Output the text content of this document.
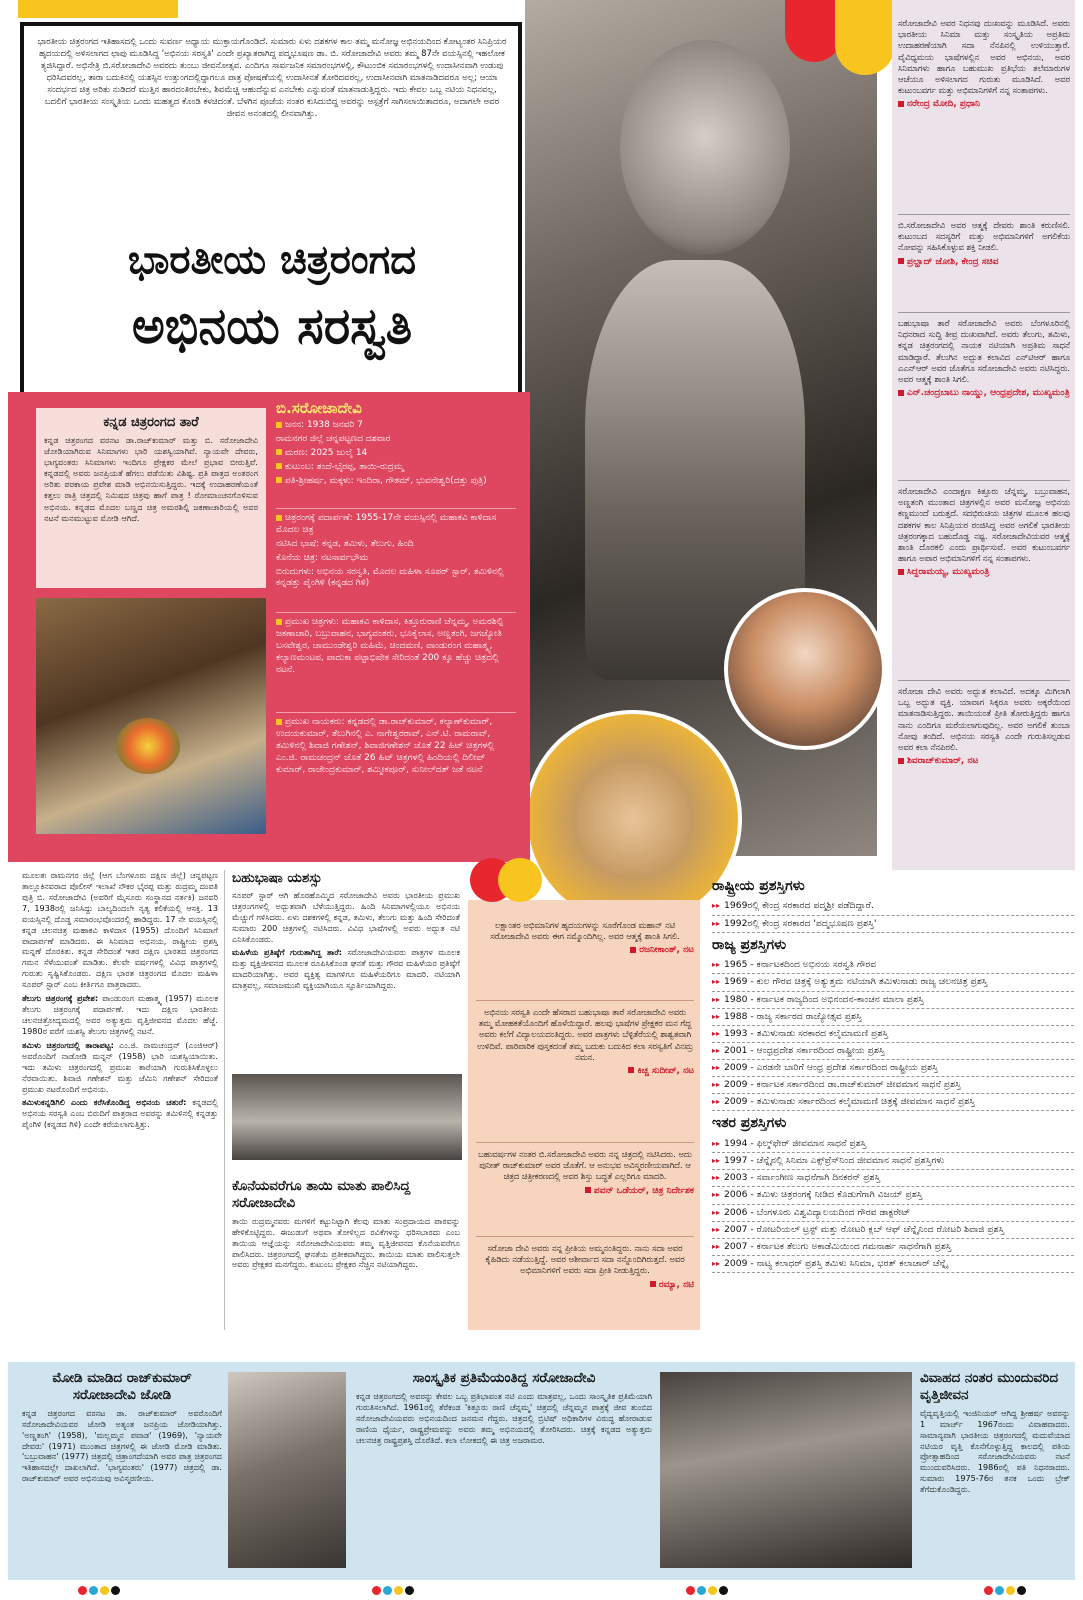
ಭಾರತೀಯ ಚಿತ್ರರಂಗದ ಇತಿಹಾಸದಲ್ಲಿ ಒಂದು ಸುವರ್ಣ ಅಧ್ಯಾಯ ಮುಕ್ತಾಯಗೊಂಡಿದೆ. ಸುಮಾರು ಏಳು ದಶಕಗಳ ಕಾಲ ತಮ್ಮ ಮನೋಜ್ಞ ಅಭಿನಯದಿಂದ ಕೋಟ್ಯಂತರ ಸಿನಿಪ್ರಿಯರ ಹೃದಯದಲ್ಲಿ ಅಳಿಸಲಾಗದ ಛಾಪು ಮೂಡಿಸಿದ್ದ 'ಅಭಿನಯ ಸರಸ್ವತಿ' ಎಂದೇ ಪ್ರಖ್ಯಾತರಾಗಿದ್ದ ಪದ್ಮಭೂಷಣ ಡಾ. ಬಿ. ಸರೋಜಾದೇವಿ ಅವರು ತಮ್ಮ 87ನೇ ವಯಸ್ಸಿನಲ್ಲಿ ಇಹಲೋಕ ತ್ಯಜಿಸಿದ್ದಾರೆ. ಅಭಿನೇತ್ರಿ ಬಿ.ಸರೋಜಾದೇವಿ ಅವರದು ತುಂಬು ಜೀವನೋತ್ಸವ. ಎಂದಿಗೂ ಸಾರ್ವಜನಿಕ ಸಮಾರಂಭಗಳಲ್ಲಿ, ಕೌಟುಂಬಿಕ ಸಮಾರಂಭಗಳಲ್ಲಿ ಉದಾಸೀನವಾಗಿ ಉಡುಪು ಧರಿಸಿದವರಲ್ಲ, ತಾರಾ ಬದುಕಿನಲ್ಲಿ ಯಶಸ್ಸಿನ ಉತ್ತುಂಗದಲ್ಲಿದ್ದಾಗಲೂ ಪಾತ್ರ ಪೋಷಣೆಯಲ್ಲಿ ಉದಾಸೀನತೆ ತೋರಿದವರಲ್ಲ, ಉದಾಸೀನವಾಗಿ ಮಾತನಾಡಿದವರೂ ಅಲ್ಲ; ಆಯಾ ಸಂದರ್ಭದ ಚಿತ್ರ ಅರಿತು ನುಡಿದರೆ ಮುತ್ತಿನ ಹಾರದಂತಿರಬೇಕು, ಶಿವಮೆಚ್ಚಿ ಆಹುದೆನ್ನುವ ಎನಬೇಕು ಎನ್ನುವಂತೆ ಮಾತನಾಡುತ್ತಿದ್ದರು. ಇದು ಕೇವಲ ಒಬ್ಬ ನಟಿಯ ನಿಧನವಲ್ಲ, ಬದಲಿಗೆ ಭಾರತೀಯ ಸಂಸ್ಕೃತಿಯ ಒಂದು ಮಹತ್ವದ ಕೊಂಡಿ ಕಳಚಿದಂತೆ. ಬೆಳಗಿನ ಪೂಜೆಯ ನಂತರ ಕುಸಿದುಬಿದ್ದ ಅವರನ್ನು ಆಸ್ಪತ್ರೆಗೆ ಸಾಗಿಸಲಾಯಿತಾದರೂ, ಅದಾಗಲೇ ಅವರ ಜೀವನ ಅನಂತದಲ್ಲಿ ಲೀನವಾಗಿತ್ತು.

ಭಾರತೀಯ ಚಿತ್ರರಂಗದ
ಅಭಿನಯ ಸರಸ್ವತಿ
ಸರೋಜಾದೇವಿ ಅವರ ನಿಧನವು ದುಃಖವನ್ನು ಮೂಡಿಸಿದೆ. ಅವರು ಭಾರತೀಯ ಸಿನಿಮಾ ಮತ್ತು ಸಂಸ್ಕೃತಿಯ ಅಪ್ರತಿಮ ಉದಾಹರಣೆಯಾಗಿ ಸದಾ ನೆನಪಿನಲ್ಲಿ ಉಳಿಯುತ್ತಾರೆ. ವೈವಿಧ್ಯಮಯ ಭಾಷೆಗಳಲ್ಲಿನ ಅವರ ಅಭಿನಯ, ಅವರ ಸಿನಿಮಾಗಳು ಹಾಗೂ ಬಹುಮುಖ ಪ್ರತಿಭೆಯ ತಲೆಮಾರುಗಳ ಆಚೆಯೂ ಅಳಿಸಲಾಗದ ಗುರುತು ಮೂಡಿಸಿದೆ. ಅವರ ಕುಟುಂಬವರ್ಗ ಮತ್ತು ಅಭಿಮಾನಿಗಳಿಗೆ ನನ್ನ ಸಂತಾಪಗಳು.
ನರೇಂದ್ರ ಮೋದಿ, ಪ್ರಧಾನಿ
ಬಿ.ಸರೋಜಾದೇವಿ ಅವರ ಆತ್ಮಕ್ಕೆ ದೇವರು ಶಾಂತಿ ಕರುಣಿಸಲಿ. ಕುಟುಂಬದ ಸದಸ್ಯರಿಗೆ ಮತ್ತು ಅಭಿಮಾನಿಗಳಿಗೆ ಅಗಲಿಕೆಯ ನೋವನ್ನು ಸಹಿಸಿಕೊಳ್ಳುವ ಶಕ್ತಿ ನೀಡಲಿ.
ಪ್ರಲ್ಹಾದ್ ಜೋಶಿ, ಕೇಂದ್ರ ಸಚಿವ
ಬಹುಭಾಷಾ ತಾರೆ ಸರೋಜಾದೇವಿ ಅವರು ಬೆಂಗಳೂರಿನಲ್ಲಿ ನಿಧನರಾದ ಸುದ್ದಿ ತೀವ್ರ ದುಃಖವಾಗಿದೆ. ಅವರು ತೆಲುಗು, ತಮಿಳು, ಕನ್ನಡ ಚಿತ್ರರಂಗದಲ್ಲಿ ನಾಯಕ ನಟಿಯಾಗಿ ಅಪ್ರತಿಮ ಸಾಧನೆ ಮಾಡಿದ್ದಾರೆ. ತೆಲುಗಿನ ಅದ್ಭುತ ಕಲಾವಿದ ಎನ್‌ಟಿಆರ್ ಹಾಗೂ ಎಎನ್‌ಆರ್ ಅವರ ಜೊತೆಗೂ ಸರೋಜಾದೇವಿ ಅವರು ನಟಿಸಿದ್ದರು. ಅವರ ಆತ್ಮಕ್ಕೆ ಶಾಂತಿ ಸಿಗಲಿ.
ಎನ್.ಚಂದ್ರಬಾಬು ನಾಯ್ಡು, ಆಂಧ್ರಪ್ರದೇಶ, ಮುಖ್ಯಮಂತ್ರಿ
ಸರೋಜಾದೇವಿ ಎಂದಾಕ್ಷಣ ಕಿತ್ತೂರು ಚೆನ್ನಮ್ಮ, ಬಬ್ರುವಾಹನ, ಅಣ್ಣತಂಗಿ ಮುಂತಾದ ಚಿತ್ರಗಳಲ್ಲಿನ ಅವರ ಮನೋಜ್ಞ ಅಭಿನಯ ಕಣ್ಣಮುಂದೆ ಬರುತ್ತದೆ. ಸದಭಿರುಚಿಯ ಚಿತ್ರಗಳ ಮೂಲಕ ಹಲವು ದಶಕಗಳ ಕಾಲ ಸಿನಿಪ್ರಿಯರ ರಂಜಿಸಿದ್ದ ಅವರ ಅಗಲಿಕೆ ಭಾರತೀಯ ಚಿತ್ರರಂಗಕ್ಕಾದ ಬಹುದೊಡ್ಡ ನಷ್ಟ. ಸರೋಜಾದೇವಿಯವರ ಆತ್ಮಕ್ಕೆ ಶಾಂತಿ ದೊರಕಲಿ ಎಂದು ಪ್ರಾರ್ಥಿಸುವೆ. ಅವರ ಕುಟುಂಬವರ್ಗ ಹಾಗೂ ಅಪಾರ ಅಭಿಮಾನಿಗಳಿಗೆ ನನ್ನ ಸಂತಾಪಗಳು.
ಸಿದ್ದರಾಮಯ್ಯ, ಮುಖ್ಯಮಂತ್ರಿ
ಸರೋಜಾ ದೇವಿ ಅವರು ಅದ್ಭುತ ಕಲಾವಿದೆ. ಅದಕ್ಕೂ ಮಿಗಿಲಾಗಿ ಒಬ್ಬ ಅದ್ಭುತ ವ್ಯಕ್ತಿ. ಯಾವಾಗ ಸಿಕ್ಕರೂ ಅವರು ಅಕ್ಕರೆಯಿಂದ ಮಾತನಾಡಿಸುತ್ತಿದ್ದರು. ತಾಯಿಯಂತೆ ಪ್ರೀತಿ ತೋರುತ್ತಿದ್ದರು ಹಾಗೂ ನಾನು ಎಂದಿಗೂ ಮರೆಯಲಾಗುವುದಿಲ್ಲ. ಅವರ ಅಗಲಿಕೆ ತುಂಬಾ ನೋವು ತಂದಿದೆ. ಅಭಿನಯ ಸರಸ್ವತಿ ಎಂದೇ ಗುರುತಿಸಲ್ಪಡುವ ಅವರ ಕಲಾ ನೆನಪಿರಲಿ.
ಶಿವರಾಜ್‌ಕುಮಾರ್, ನಟ
ಕನ್ನಡ ಚಿತ್ರರಂಗದ ತಾರೆ
ಕನ್ನಡ ಚಿತ್ರರಂಗದ ವರನಟ ಡಾ.ರಾಜ್‌ಕುಮಾರ್ ಮತ್ತು ಬಿ. ಸರೋಜಾದೇವಿ ಜೋಡಿಯಾಗಿರುವ ಸಿನಿಮಾಗಳು ಭಾರಿ ಯಶಸ್ವಿಯಾಗಿವೆ. ನ್ಯಾಯವೇ ದೇವರು, ಭಾಗ್ಯವಂತರು ಸಿನಿಮಾಗಳು ಇಂದಿಗೂ ಪ್ರೇಕ್ಷಕರ ಮೇಲೆ ಪ್ರಭಾವ ಬೀರುತ್ತಿವೆ. ಕನ್ನಡದಲ್ಲಿ ಅವರು ಜನಪ್ರಿಯತೆ ಹೆಗಲು ಪಡೆಯಿತು ವಿಶಿಷ್ಟ. ಪ್ರತಿ ಪಾತ್ರದ ಅಂತರಂಗ ಅರಿತು ಪರಕಾಯ ಪ್ರವೇಶ ಮಾಡಿ ಅಭಿನಯಿಸುತ್ತಿದ್ದರು. ಇದಕ್ಕೆ ಉದಾಹರಣೆಯಂತೆ ಕತ್ತಲು ರಾತ್ರಿ ಚಿತ್ರದಲ್ಲಿ ನಿಮಿಷದ ಚಿತ್ರವು ಹಾಗೆ ಪಾತ್ರ ! ರೋಮಾಂಚನಗೊಳಿಸುವ ಅಭಿನಯ. ಕನ್ನಡದ ಮೊದಲ ಬಣ್ಣದ ಚಿತ್ರ ಅಮರಶಿಲ್ಪಿ ಜಕಣಾಚಾರಿಯಲ್ಲಿ ಅವರ ನಟನೆ ಮನಮುಟ್ಟುವ ಮೋಡಿ ಆಗಿದೆ.
ಬಿ.ಸರೋಜಾದೇವಿ
ಜನನ: 1938 ಜನವರಿ 7
ರಾಮನಗರ ಜಿಲ್ಲೆ ಚನ್ನಪಟ್ಟಣದ ದಶವಾರ
ಮರಣ: 2025 ಜುಲೈ 14
ಕುಟುಂಬ: ತಂದೆ-ಭೈರಪ್ಪ, ತಾಯಿ-ರುದ್ರಮ್ಮ
ಪತಿ-ಶ್ರೀಹರ್ಷ, ಮಕ್ಕಳು: ಇಂದಿರಾ, ಗೌತಮ್, ಭುವನೇಶ್ವರಿ(ದತ್ತು ಪುತ್ರಿ)
ಚಿತ್ರರಂಗಕ್ಕೆ ಪದಾರ್ಪಣೆ: 1955-17ನೇ ವಯಸ್ಸಿನಲ್ಲಿ ಮಹಾಕವಿ ಕಾಳಿದಾಸ ಮೊದಲ ಚಿತ್ರ
ನಟಿಸಿದ ಭಾಷೆ: ಕನ್ನಡ, ತಮಿಳು, ತೆಲುಗು, ಹಿಂದಿ
ಕೊನೆಯ ಚಿತ್ರ: ನಟಸಾರ್ವಭೌಮ
ಬಿರುದುಗಳು: ಅಭಿನಯ ಸರಸ್ವತಿ, ಮೊದಲ ಮಹಿಳಾ ಸೂಪರ್ ಸ್ಟಾರ್, ತಮಿಳಿನಲ್ಲಿ ಕನ್ನಡತ್ತು ಪೈಂಗಿಳಿ (ಕನ್ನಡದ ಗಿಳಿ)
ಪ್ರಮುಖ ಚಿತ್ರಗಳು: ಮಹಾಕವಿ ಕಾಳಿದಾಸ, ಕಿತ್ತೂರುರಾಣಿ ಚೆನ್ನಮ್ಮ, ಅಮರಶಿಲ್ಪಿ ಜಕಣಾಚಾರಿ, ಬಬ್ರುವಾಹನ, ಭಾಗ್ಯವಂತರು, ಭೂಕೈಲಾಸ, ಅಣ್ಣತಂಗಿ, ಜಗಜ್ಯೋತಿ ಬಸವೇಶ್ವರ, ಚಾಮುಂಡೇಶ್ವರಿ ಮಹಿಮೆ, ಚಿಂದಮಣಿ, ಪಾಂಡುರಂಗ ಮಹಾತ್ಮ್ಯ, ಕಲ್ಯಾಣಮಂಟಪ, ಪಾದುಕಾ ಪಟ್ಟಾಭಿಷೇಕ ಸೇರಿದಂತೆ 200 ಕ್ಕೂ ಹೆಚ್ಚು ಚಿತ್ರದಲ್ಲಿ ನಟನೆ.
ಪ್ರಮುಖ ನಾಯಕರು: ಕನ್ನಡದಲ್ಲಿ ಡಾ.ರಾಜ್‌ಕುಮಾರ್, ಕಲ್ಯಾಣ್‌ಕುಮಾರ್, ಉದಯಕುಮಾರ್, ತೆಲುಗಿನಲ್ಲಿ ಎ. ನಾಗೇಶ್ವರರಾವ್, ಎನ್.ಟಿ. ರಾಮರಾವ್, ತಮಿಳಿನಲ್ಲಿ ಶಿವಾಜಿ ಗಣೇಶನ್, ಶಿವಾಜಿಗಣೇಶನ್ ಜೊತೆ 22 ಹಿಟ್ ಚಿತ್ರಗಳಲ್ಲಿ ಎಂ.ಜಿ. ರಾಮಚಂದ್ರನ್ ಜೊತೆ 26 ಹಿಟ್ ಚಿತ್ರಗಳಲ್ಲಿ ಹಿಂದಿಯಲ್ಲಿ ದಿಲೀಪ್ ಕುಮಾರ್, ರಾಜೇಂದ್ರಕುಮಾರ್, ಶಮ್ಮೀಕಪೂರ್, ಸುನೀಲ್‌ದತ್ ಜತೆ ನಟನೆ
ಮೂಲತಃ ರಾಮನಗರ ಜಿಲ್ಲೆ (ಆಗ ಬೆಂಗಳೂರು ದಕ್ಷಿಣ ಜಿಲ್ಲೆ) ಚನ್ನಪಟ್ಟಣ ತಾಲ್ಲೂಕಿನವರಾದ ಪೊಲೀಸ್ ಇಲಾಖೆ ನೌಕರ ಭೈರಪ್ಪ ಮತ್ತು ರುದ್ರಮ್ಮ ದಂಪತಿ ಪುತ್ರಿ ಬಿ. ಸರೋಜಾದೇವಿ (ಅವರಿಗೆ ಮೈಸೂರು ಸಂಸ್ಥಾನದ ನರ್ತಕಿ) ಜನವರಿ 7, 1938ರಲ್ಲಿ ಜನಿಸಿದ್ದು ಬಾಲ್ಯದಿಂದಲೇ ನೃತ್ಯ ಕಲಿಕೆಯಲ್ಲಿ ಆಸಕ್ತಿ. 13 ವಯಸ್ಸಿನಲ್ಲಿ ದೊಡ್ಡ ಸಮಾರಂಭವೊಂದರಲ್ಲಿ ಹಾಡಿದ್ದರು. 17 ನೇ ವಯಸ್ಸಿನಲ್ಲಿ ಕನ್ನಡ ಚಲನಚಿತ್ರ ಮಹಾಕವಿ ಕಾಳಿದಾಸ (1955) ದೊಂದಿಗೆ ಸಿನಿಮಾಗೆ ಪಾದಾರ್ಪಣೆ ಮಾಡಿದರು. ಈ ಸಿನಿಮಾದ ಅಭಿನಯ, ರಾಷ್ಟ್ರೀಯ ಪ್ರಶಸ್ತಿ ಮನ್ನಣೆ ದೊರಕಿತು. ಕನ್ನಡ ಸೇರಿದಂತೆ ಇತರ ದಕ್ಷಿಣ ಭಾರತದ ಚಿತ್ರರಂಗದ ಗಮನ ಸೆಳೆಯುವಂತೆ ಮಾಡಿತು. ಕೆಲವೇ ವರ್ಷಗಳಲ್ಲಿ ವಿವಿಧ ಪಾತ್ರಗಳಲ್ಲಿ ಗುರುತು ಸೃಷ್ಟಿಸಿಕೊಂಡರು. ದಕ್ಷಿಣ ಭಾರತ ಚಿತ್ರರಂಗದ ಮೊದಲ ಮಹಿಳಾ ಸೂಪರ್ ಸ್ಟಾರ್ ಎಂಬ ಕೀರ್ತಿಗೂ ಪಾತ್ರರಾದರು.
ತೆಲುಗು ಚಿತ್ರರಂಗಕ್ಕೆ ಪ್ರವೇಶ: ಪಾಂಡುರಂಗ ಮಹಾತ್ಮ್ಯ (1957) ಮೂಲಕ ತೆಲುಗು ಚಿತ್ರರಂಗಕ್ಕೆ ಪದಾರ್ಪಣೆ. ಇದು ದಕ್ಷಿಣ ಭಾರತೀಯ ಚಲನಚಿತ್ರೋದ್ಯಮದಲ್ಲಿ ಅವರ ಅತ್ಯುತ್ತಮ ವೃತ್ತಿಜೀವನದ ಮೊದಲ ಹೆಜ್ಜೆ. 1980ರ ವರೆಗೆ ಯಶಸ್ವಿ ತೆಲುಗು ಚಿತ್ರಗಳಲ್ಲಿ ನಟನೆ.
ತಮಿಳು ಚಿತ್ರರಂಗದಲ್ಲಿ ತಾರಾಪಟ್ಟ: ಎಂ.ಜಿ. ರಾಮಚಂದ್ರನ್ (ಎಂಜಿಆರ್) ಅವರೊಂದಿಗೆ ನಾಡೋಡಿ ಮನ್ನನ್ (1958) ಭಾರಿ ಯಶಸ್ವಿಯಾಯಿತು. ಇದು ತಮಿಳು ಚಿತ್ರರಂಗದಲ್ಲಿ ಪ್ರಮುಖ ತಾರೆಯಾಗಿ ಗುರುತಿಸಿಕೊಳ್ಳಲು ನೆರವಾಯಿತು. ಶಿವಾಜಿ ಗಣೇಶನ್ ಮತ್ತು ಜೆಮಿನಿ ಗಣೇಶನ್ ಸೇರಿದಂತೆ ಪ್ರಮುಖ ನಟರೊಂದಿಗೆ ಅಭಿನಯ.
ತಮಿಳುಕನ್ನಡಿಗಿಲಿ ಎಂದು ಕರೆಸಿಕೊಂಡಿದ್ದ ಅಭಿನಯ ಚತುರೆ: ಕನ್ನಡದಲ್ಲಿ ಅಭಿನಯ ಸರಸ್ವತಿ ಎಂಬ ಬಿರುದಿಗೆ ಪಾತ್ರರಾದ ಅವರನ್ನು ತಮಿಳಿನಲ್ಲಿ ಕನ್ನಡತ್ತು ಪೈಂಗಿಳಿ (ಕನ್ನಡದ ಗಿಳಿ) ಎಂದೇ ಕರೆಯಲಾಗುತ್ತಿತ್ತು.
ಬಹುಭಾಷಾ ಯಶಸ್ಸು
ಸೂಪರ್ ಸ್ಟಾರ್ ಆಗಿ ಹೊರಹೊಮ್ಮಿದ ಸರೋಜಾದೇವಿ ಅವರು ಭಾರತೀಯ ಪ್ರಮುಖ ಚಿತ್ರರಂಗಗಳಲ್ಲಿ ಅದ್ಭುತವಾಗಿ ಬೆಳೆಯುತ್ತಿದ್ದರು. ಹಿಂದಿ ಸಿನಿಮಾಗಳಲ್ಲಿಯೂ ಅಭಿನಯ ಮೆಚ್ಚುಗೆ ಗಳಿಸಿದರು. ಏಳು ದಶಕಗಳಲ್ಲಿ ಕನ್ನಡ, ತಮಿಳು, ತೆಲುಗು ಮತ್ತು ಹಿಂದಿ ಸೇರಿದಂತೆ ಸುಮಾರು 200 ಚಿತ್ರಗಳಲ್ಲಿ ನಟಿಸಿದರು. ವಿವಿಧ ಭಾಷೆಗಳಲ್ಲಿ ಅವರು ಅದ್ಭುತ ನಟಿ ಎನಿಸಿಕೊಂಡರು.
ಮಹಿಳೆಯ ಪ್ರತಿಷ್ಠೆಗೆ ಗುರುತಾಗಿದ್ದ ತಾರೆ: ಸರೋಜಾದೇವಿಯವರು ಪಾತ್ರಗಳ ಮೂಲಕ ಮತ್ತು ವ್ಯಕ್ತಿಜೀವನದ ಮೂಲಕ ರೂಪಿಸಿಕೊಂಡ ಘನತೆ ಮತ್ತು ಗೌರವ ಮಹಿಳೆಯರ ಪ್ರತಿಷ್ಠೆಗೆ ಮಾದರಿಯಾಗಿತ್ತು. ಅವರ ವ್ಯಕ್ತಿತ್ವ ಮಾಗಳಿಗೂ ಮಹಿಳೆಯರಿಗೂ ಮಾದರಿ. ನಟಿಯಾಗಿ ಮಾತ್ರವಲ್ಲ, ಸಮಾಜಮುಖಿ ವ್ಯಕ್ತಿಯಾಗಿಯೂ ಸ್ಫೂರ್ತಿಯಾಗಿದ್ದರು.
ಕೊನೆಯವರೆಗೂ ತಾಯಿ ಮಾತು ಪಾಲಿಸಿದ್ದ ಸರೋಜಾದೇವಿ
ತಾಯಿ ರುದ್ರಮ್ಮನವರು ಮಗಳಿಗೆ ಕಟ್ಟುನಿಟ್ಟಾಗಿ ಕೆಲವು ಮಾತು ಸಂಪ್ರದಾಯದ ಪಾಠವನ್ನು ಹೇಳಿಕೊಟ್ಟಿದ್ದರು. ಈಜುಡುಗೆ ಅಥವಾ ತೋಳಿಲ್ಲದ ರವಿಕೆಗಳನ್ನು ಧರಿಸಬಾರದು ಎಂಬ ತಾಯಿಯ ಆಜ್ಞೆಯನ್ನು ಸರೋಜಾದೇವಿಯವರು ತಮ್ಮ ವೃತ್ತಿಜೀವನದ ಕೊನೆಯವರೆಗೂ ಪಾಲಿಸಿದರು. ಚಿತ್ರರಂಗದಲ್ಲಿ ಘನತೆಯ ಪ್ರತೀಕವಾಗಿದ್ದರು. ತಾಯಿಯ ಮಾತು ಪಾಲಿಸುತ್ತಲೇ ಅವರು ಪ್ರೇಕ್ಷಕರ ಮನಗೆದ್ದರು. ಕುಟುಂಬ ಪ್ರೇಕ್ಷಕರ ನೆಚ್ಚಿನ ನಟಿಯಾಗಿದ್ದರು.
ಲಕ್ಷಾಂತರ ಅಭಿಮಾನಿಗಳ ಹೃದಯಗಳನ್ನು ಸೂರೆಗೊಂಡ ಮಹಾನ್ ನಟಿ ಸರೋಜಾದೇವಿ ಅವರು ಈಗ ನಮ್ಮೊಂದಿಗಿಲ್ಲ. ಅವರ ಆತ್ಮಕ್ಕೆ ಶಾಂತಿ ಸಿಗಲಿ.
ರಜನೀಕಾಂತ್, ನಟ
ಅಭಿನಯ ಸರಸ್ವತಿ ಎಂದೇ ಹೆಸರಾದ ಬಹುಭಾಷಾ ತಾರೆ ಸರೋಜಾದೇವಿ ಅವರು ತಮ್ಮ ಮೋಹಕತೆಯೊಂದಿಗೆ ಹೊಳೆಯಿದ್ದಾರೆ. ಹಲವು ಭಾಷೆಗಳ ಪ್ರೇಕ್ಷಕರ ಮನ ಗೆದ್ದ ಅವರು ಕಲೆಗೆ ವಿದ್ಯಾಲಯದಂತಿದ್ದರು. ಅವರ ಪಾತ್ರಗಳು ಬೆಳ್ಳಿತೆರೆಯಲ್ಲಿ ಶಾಶ್ವತವಾಗಿ ಉಳಿದಿವೆ. ಪಾರಿವಾರಿಕ ಪುಸ್ತಕದಂತೆ ತಮ್ಮ ಬದುಕು ಬದುಕಿದ ಕಲಾ ಸರಸ್ವತಿಗೆ ವಿನಮ್ರ ನಮನ.
ಕಿಚ್ಚ ಸುದೀಪ್, ನಟ
ಬಹುವರ್ಷಗಳ ನಂತರ ಬಿ.ಸರೋಜಾದೇವಿ ಅವರು ನನ್ನ ಚಿತ್ರದಲ್ಲಿ ನಟಿಸಿದರು. ಅದು ಪುನೀತ್ ರಾಜ್‌ಕುಮಾರ್ ಅವರ ಜೊತೆಗೆ. ಆ ಅನುಭವ ಅವಿಸ್ಮರಣೀಯವಾಗಿದೆ. ಆ ಚಿತ್ರದ ಚಿತ್ರೀಕರಣದಲ್ಲಿ ಅವರ ಶಿಸ್ತು ಬದ್ಧತೆ ಎಲ್ಲರಿಗೂ ಮಾದರಿ.
ಪವನ್ ಒಡೆಯರ್, ಚಿತ್ರ ನಿರ್ದೇಶಕ
ಸರೋಜಾ ದೇವಿ ಅವರು ನನ್ನ ಪ್ರೀತಿಯ ಅಮ್ಮನಂತಿದ್ದರು. ನಾನು ಸದಾ ಅವರ ಕೈಹಿಡಿದು ನಡೆಯುತ್ತಿದ್ದೆ. ಅವರ ಆಶೀರ್ವಾದ ಸದಾ ನನ್ನೊಂದಿಗಿರುತ್ತದೆ. ಅವರ ಅಭಿಮಾನಿಗಳಿಗೆ ಅವರು ಸದಾ ಪ್ರೀತಿ ನೀಡುತ್ತಿದ್ದರು.
ರಮ್ಯಾ, ನಟಿ
ರಾಷ್ಟ್ರೀಯ ಪ್ರಶಸ್ತಿಗಳು
▸▸ 1969ರಲ್ಲಿ ಕೇಂದ್ರ ಸರಕಾರದ ಪದ್ಮಶ್ರೀ ಪಡೆದಿದ್ದಾರೆ.
▸▸ 1992ರಲ್ಲಿ ಕೇಂದ್ರ ಸರಕಾರದ 'ಪದ್ಮಭೂಷಣ ಪ್ರಶಸ್ತಿ'
ರಾಜ್ಯ ಪ್ರಶಸ್ತಿಗಳು
▸▸ 1965 - ಕರ್ನಾಟಕದಿಂದ ಅಭಿನಯ ಸರಸ್ವತಿ ಗೌರವ
▸▸ 1969 - ಕುಲ ಗೌರವ ಚಿತ್ರಕ್ಕೆ ಅತ್ಯುತ್ತಮ ನಟಿಯಾಗಿ ತಮಿಳುನಾಡು ರಾಜ್ಯ ಚಲನಚಿತ್ರ ಪ್ರಶಸ್ತಿ
▸▸ 1980 - ಕರ್ನಾಟಕ ರಾಜ್ಯದಿಂದ ಅಭಿನಂದನ-ಕಾಂಚನ ಮಾಲಾ ಪ್ರಶಸ್ತಿ
▸▸ 1988 - ರಾಜ್ಯ ಸರ್ಕಾರದ ರಾಜ್ಯೋತ್ಸವ ಪ್ರಶಸ್ತಿ
▸▸ 1993 - ತಮಿಳುನಾಡು ಸರಕಾರದ ಕಲೈಮಾಮಣಿ ಪ್ರಶಸ್ತಿ
▸▸ 2001 - ಆಂಧ್ರಪ್ರದೇಶ ಸರ್ಕಾರದಿಂದ ರಾಷ್ಟ್ರೀಯ ಪ್ರಶಸ್ತಿ
▸▸ 2009 - ಎರಡನೇ ಬಾರಿಗೆ ಆಂಧ್ರ ಪ್ರದೇಶ ಸರ್ಕಾರದಿಂದ ರಾಷ್ಟ್ರೀಯ ಪ್ರಶಸ್ತಿ
▸▸ 2009 - ಕರ್ನಾಟಕ ಸರ್ಕಾರದಿಂದ ಡಾ.ರಾಜ್‌ಕುಮಾರ್ ಜೀವಮಾನ ಸಾಧನೆ ಪ್ರಶಸ್ತಿ
▸▸ 2009 - ತಮಿಳುನಾಡು ಸರ್ಕಾರದಿಂದ ಕಲೈಮಾಮಣಿ ಚಿತ್ರಕ್ಕೆ ಜೀವಮಾನ ಸಾಧನೆ ಪ್ರಶಸ್ತಿ
ಇತರ ಪ್ರಶಸ್ತಿಗಳು
▸▸ 1994 - ಫಿಲ್ಮ್‌ಫೇರ್ ಜೀವಮಾನ ಸಾಧನೆ ಪ್ರಶಸ್ತಿ
▸▸ 1997 - ಚೆನ್ನೈನಲ್ಲಿ ಸಿನಿಮಾ ಎಕ್ಸ್‌ಪ್ರೆಸ್‌ನಿಂದ ಜೀವಮಾನ ಸಾಧನೆ ಪ್ರಶಸ್ತಿಗಳು
▸▸ 2003 - ಸರ್ವಾಂಗೀಣ ಸಾಧನೆಗಾಗಿ ದಿನಕರನ್ ಪ್ರಶಸ್ತಿ
▸▸ 2006 - ತಮಿಳು ಚಿತ್ರರಂಗಕ್ಕೆ ನೀಡಿದ ಕೊಡುಗೆಗಾಗಿ ವಿಜಯ್ ಪ್ರಶಸ್ತಿ
▸▸ 2006 - ಬೆಂಗಳೂರು ವಿಶ್ವವಿದ್ಯಾಲಯದಿಂದ ಗೌರವ ಡಾಕ್ಟರೇಟ್
▸▸ 2007 - ರೋಟರಿಯಲ್ ಟ್ರಸ್ಟ್ ಮತ್ತು ರೋಟರಿ ಕ್ಲಬ್ ಆಫ್ ಚೆನ್ನೈನಿಂದ ರೋಟರಿ ಶಿವಾಜಿ ಪ್ರಶಸ್ತಿ
▸▸ 2007 - ಕರ್ನಾಟಕ ತೆಲುಗು ಅಕಾಡೆಮಿಯಿಂದ ಗಮನಾರ್ಹ ಸಾಧನೆಗಾಗಿ ಪ್ರಶಸ್ತಿ
▸▸ 2009 - ನಾಟ್ಯ ಕಲಾಧರ್ ಪ್ರಶಸ್ತಿ ತಮಿಳು ಸಿನಿಮಾ, ಭರತ್ ಕಲಾಚಾರ್ ಚೆನ್ನೈ
ಮೋಡಿ ಮಾಡಿದ ರಾಜ್‌ಕುಮಾರ್ ಸರೋಜಾದೇವಿ ಜೋಡಿ
ಕನ್ನಡ ಚಿತ್ರರಂಗದ ವರನಟ ಡಾ. ರಾಜ್‌ಕುಮಾರ್ ಅವರೊಂದಿಗೆ ಸರೋಜಾದೇವಿಯವರ ಜೋಡಿ ಅತ್ಯಂತ ಜನಪ್ರಿಯ ಜೋಡಿಯಾಗಿತ್ತು. 'ಅಣ್ಣತಂಗಿ' (1958), 'ಮಲ್ಲಮ್ಮನ ಪವಾಡ' (1969), 'ನ್ಯಾಯವೇ ದೇವರು' (1971) ಮುಂತಾದ ಚಿತ್ರಗಳಲ್ಲಿ ಈ ಜೋಡಿ ಮೋಡಿ ಮಾಡಿತು. 'ಬಬ್ರುವಾಹನ' (1977) ಚಿತ್ರದಲ್ಲಿ ಚಿತ್ರಾಂಗದೆಯಾಗಿ ಅವರ ಪಾತ್ರ ಚಿತ್ರರಂಗದ ಇತಿಹಾಸದಲ್ಲೇ ದಾಖಲಾಗಿದೆ. 'ಭಾಗ್ಯವಂತರು' (1977) ಚಿತ್ರದಲ್ಲಿ ಡಾ. ರಾಜ್‌ಕುಮಾರ್ ಅವರ ಅಭಿನಯವು ಅವಿಸ್ಮರಣೀಯ.
ಸಾಂಸ್ಕೃತಿಕ ಪ್ರತಿಮೆಯಂತಿದ್ದ ಸರೋಜಾದೇವಿ
ಕನ್ನಡ ಚಿತ್ರರಂಗದಲ್ಲಿ ಅವರನ್ನು ಕೇವಲ ಒಬ್ಬ ಪ್ರತಿಭಾವಂತ ನಟಿ ಎಂದು ಮಾತ್ರವಲ್ಲ, ಒಂದು ಸಾಂಸ್ಕೃತಿಕ ಪ್ರತಿಮೆಯಾಗಿ ಗುರುತಿಸಲಾಗಿದೆ. 1961ರಲ್ಲಿ ತೆರೆಕಂಡ 'ಕಿತ್ತೂರು ರಾಣಿ ಚೆನ್ನಮ್ಮ' ಚಿತ್ರದಲ್ಲಿ ಚೆನ್ನಮ್ಮನ ಪಾತ್ರಕ್ಕೆ ಜೀವ ತುಂಬಿದ ಸರೋಜಾದೇವಿಯವರು ಅಭಿನಯದಿಂದ ಜನಮನ ಗೆದ್ದರು. ಚಿತ್ರದಲ್ಲಿ ಬ್ರಿಟಿಷ್ ಅಧಿಕಾರಿಗಳ ವಿರುದ್ಧ ಹೋರಾಡುವ ರಾಣಿಯ ಧೈರ್ಯ, ರಾಷ್ಟ್ರಪ್ರೇಮವನ್ನು ಅವರು ತಮ್ಮ ಅಭಿನಯದಲ್ಲಿ ತೋರಿಸಿದರು. ಚಿತ್ರಕ್ಕೆ ಕನ್ನಡದ ಅತ್ಯುತ್ತಮ ಚಲನಚಿತ್ರ ರಾಷ್ಟ್ರಪ್ರಶಸ್ತಿ ದೊರೆತಿದೆ. ಕಲಾ ಲೋಕದಲ್ಲಿ ಈ ಚಿತ್ರ ಅಜರಾಮರ.
ವಿವಾಹದ ನಂತರ ಮುಂದುವರಿದ ವೃತ್ತಿಜೀವನ
ವೈದ್ಯವೃತ್ತಿಯಲ್ಲಿ ಇಂಜಿನಿಯರ್ ಆಗಿದ್ದ ಶ್ರೀಹರ್ಷ ಅವರನ್ನು 1 ಮಾರ್ಚ್ 1967ರಂದು ವಿವಾಹವಾದರು. ಸಾಮಾನ್ಯವಾಗಿ ಭಾರತೀಯ ಚಿತ್ರರಂಗದಲ್ಲಿ ಮದುವೆಯಾದ ನಟಿಯರ ವೃತ್ತಿ ಕೊನೆಗೊಳ್ಳುತ್ತಿದ್ದ ಕಾಲದಲ್ಲಿ ಪತಿಯ ಪ್ರೋತ್ಸಾಹದಿಂದ ಸರೋಜಾದೇವಿಯವರು ನಟನೆ ಮುಂದುವರಿಸಿದರು. 1986ರಲ್ಲಿ ಪತಿ ನಿಧನರಾದರು. ಸುಮಾರು 1975-76ರ ತನಕ ಒಂದು ಬ್ರೇಕ್ ತೆಗೆದುಕೊಂಡಿದ್ದರು.
